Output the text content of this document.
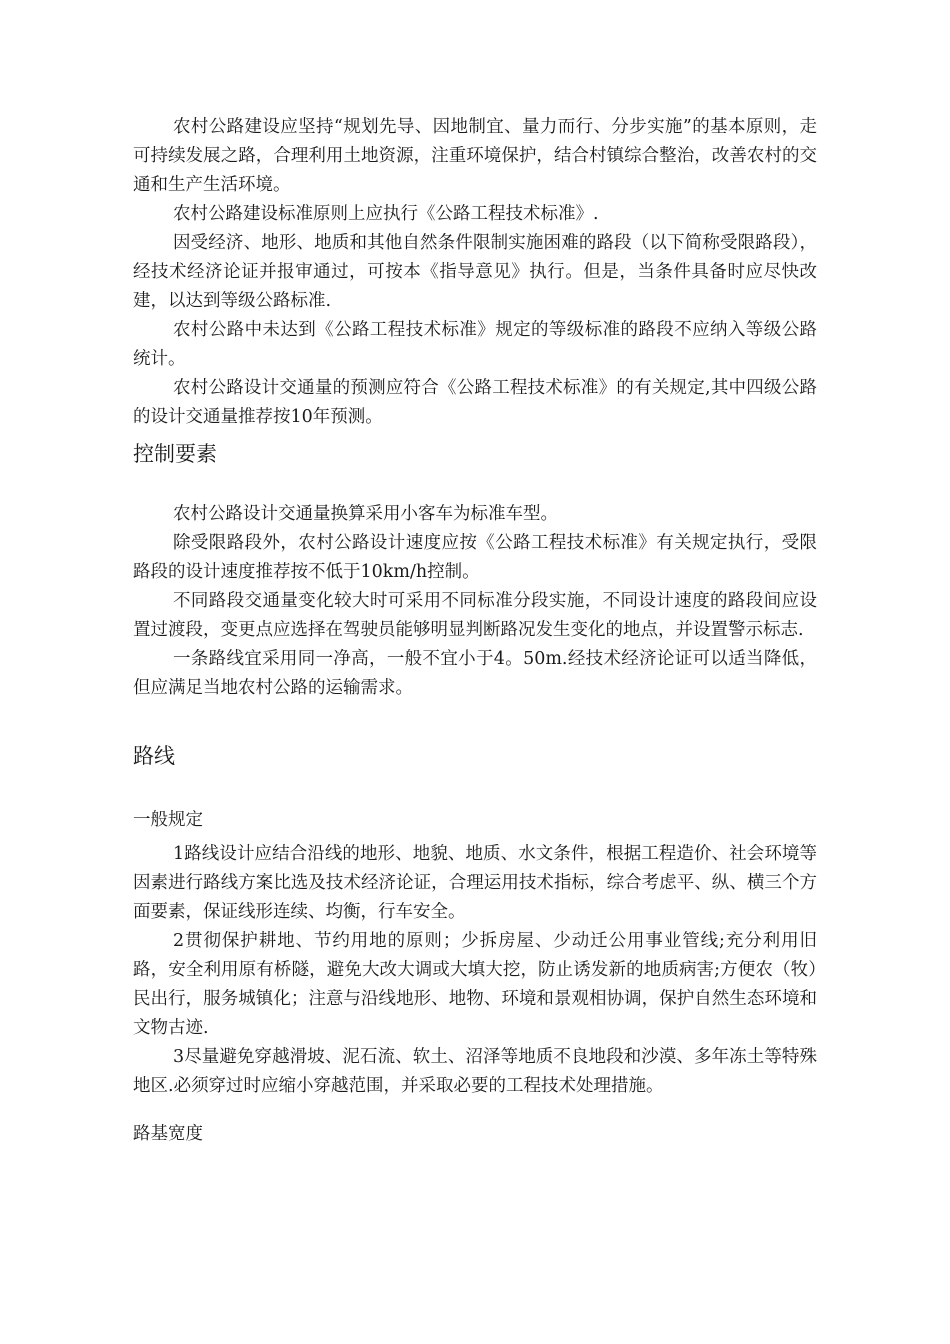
农村公路建设应坚持“规划先导、因地制宜、量力而行、分步实施”的基本原则，走可持续发展之路，合理利用土地资源，注重环境保护，结合村镇综合整治，改善农村的交通和生产生活环境。

农村公路建设标准原则上应执行《公路工程技术标准》.

因受经济、地形、地质和其他自然条件限制实施困难的路段（以下简称受限路段），经技术经济论证并报审通过，可按本《指导意见》执行。但是，当条件具备时应尽快改建，以达到等级公路标准.

农村公路中未达到《公路工程技术标准》规定的等级标准的路段不应纳入等级公路统计。

农村公路设计交通量的预测应符合《公路工程技术标准》的有关规定,其中四级公路的设计交通量推荐按10年预测。

控制要素

农村公路设计交通量换算采用小客车为标准车型。

除受限路段外，农村公路设计速度应按《公路工程技术标准》有关规定执行，受限路段的设计速度推荐按不低于10km/h控制。

不同路段交通量变化较大时可采用不同标准分段实施，不同设计速度的路段间应设置过渡段，变更点应选择在驾驶员能够明显判断路况发生变化的地点，并设置警示标志.

一条路线宜采用同一净高，一般不宜小于4。50m.经技术经济论证可以适当降低，但应满足当地农村公路的运输需求。

路线
一般规定

1路线设计应结合沿线的地形、地貌、地质、水文条件，根据工程造价、社会环境等因素进行路线方案比选及技术经济论证，合理运用技术指标，综合考虑平、纵、横三个方面要素，保证线形连续、均衡，行车安全。

2贯彻保护耕地、节约用地的原则；少拆房屋、少动迁公用事业管线;充分利用旧路，安全利用原有桥隧，避免大改大调或大填大挖，防止诱发新的地质病害;方便农（牧）民出行，服务城镇化；注意与沿线地形、地物、环境和景观相协调，保护自然生态环境和文物古迹.

3尽量避免穿越滑坡、泥石流、软土、沼泽等地质不良地段和沙漠、多年冻土等特殊地区.必须穿过时应缩小穿越范围，并采取必要的工程技术处理措施。

路基宽度
